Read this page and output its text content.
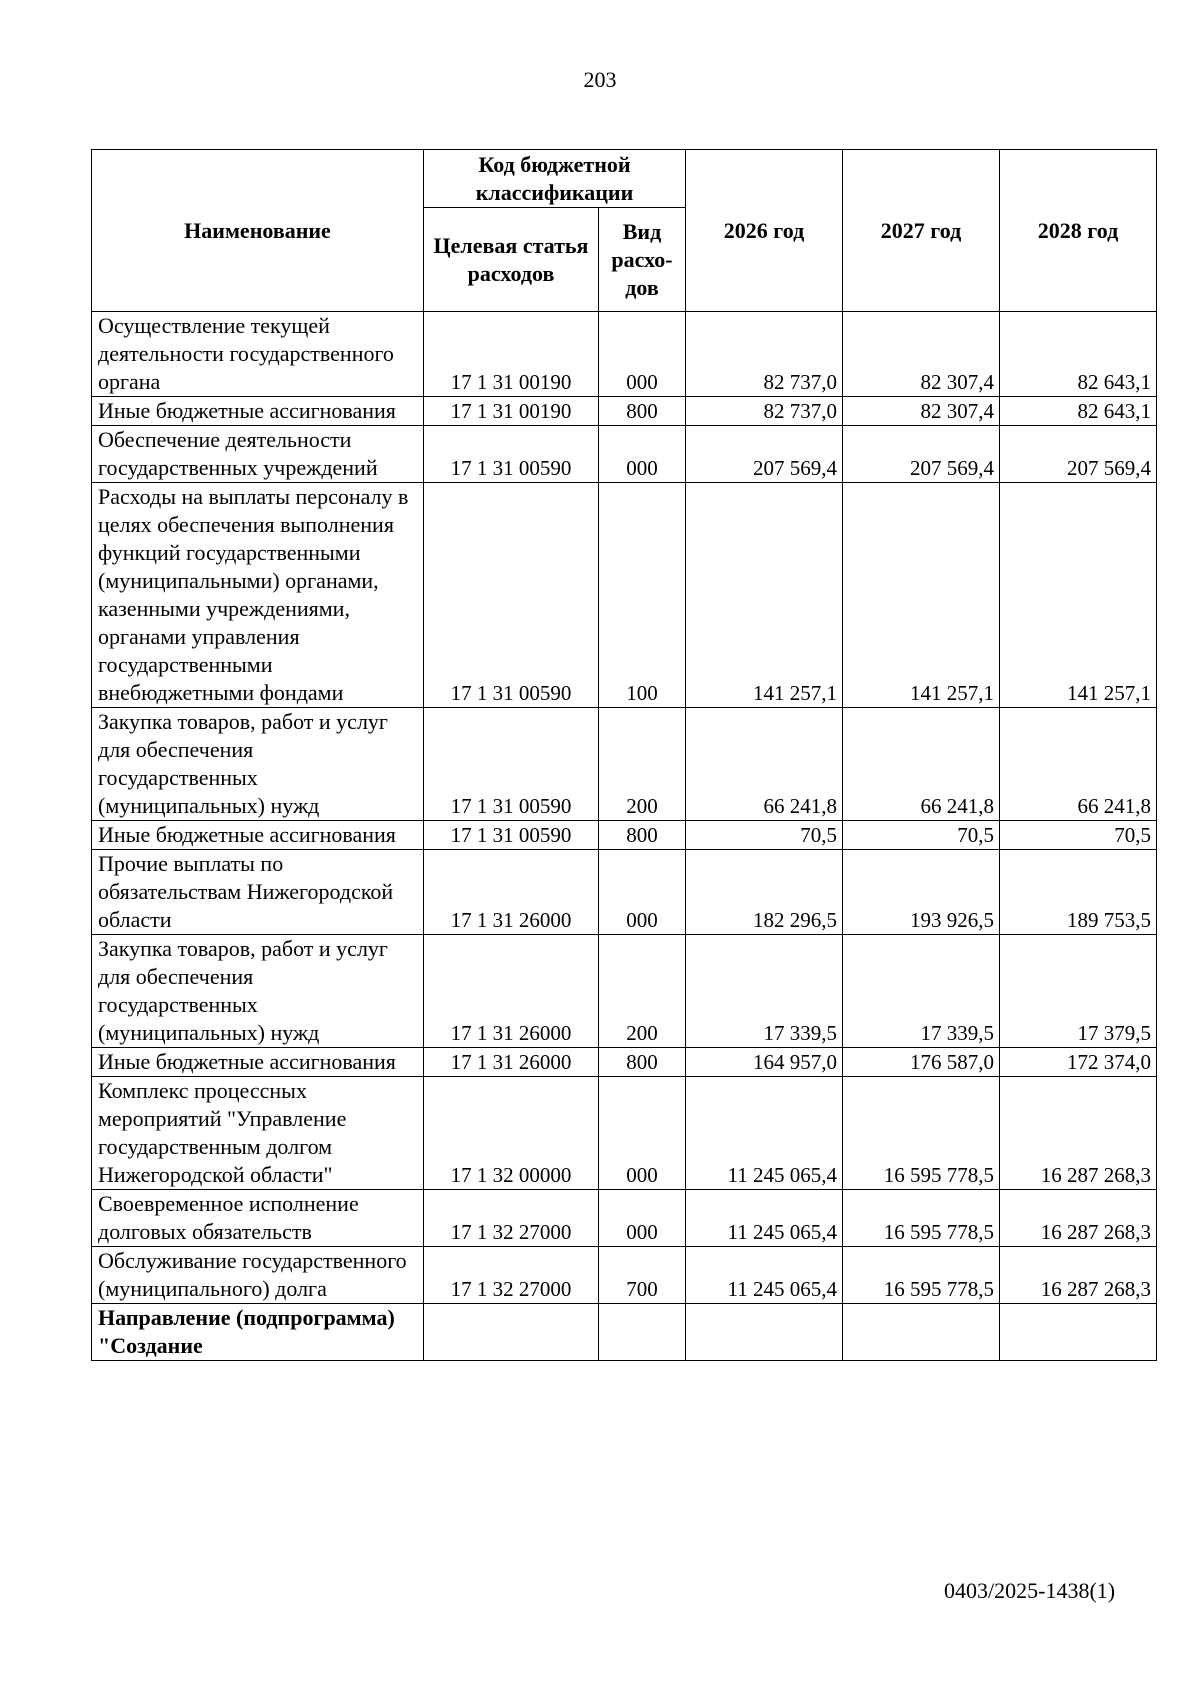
203
Наименование	Код бюджетной классификации		2026 год	2027 год	2028 год
	Целевая статья расходов	Вид расхо-дов			
Осуществление текущей деятельности государственного органа	17 1 31 00190	000	82 737,0	82 307,4	82 643,1
Иные бюджетные ассигнования	17 1 31 00190	800	82 737,0	82 307,4	82 643,1
Обеспечение деятельности государственных учреждений	17 1 31 00590	000	207 569,4	207 569,4	207 569,4
Расходы на выплаты персоналу в целях обеспечения выполнения функций государственными (муниципальными) органами, казенными учреждениями, органами управления государственными внебюджетными фондами	17 1 31 00590	100	141 257,1	141 257,1	141 257,1
Закупка товаров, работ и услуг для обеспечения государственных (муниципальных) нужд	17 1 31 00590	200	66 241,8	66 241,8	66 241,8
Иные бюджетные ассигнования	17 1 31 00590	800	70,5	70,5	70,5
Прочие выплаты по обязательствам Нижегородской области	17 1 31 26000	000	182 296,5	193 926,5	189 753,5
Закупка товаров, работ и услуг для обеспечения государственных (муниципальных) нужд	17 1 31 26000	200	17 339,5	17 339,5	17 379,5
Иные бюджетные ассигнования	17 1 31 26000	800	164 957,0	176 587,0	172 374,0
Комплекс процессных мероприятий "Управление государственным долгом Нижегородской области"	17 1 32 00000	000	11 245 065,4	16 595 778,5	16 287 268,3
Своевременное исполнение долговых обязательств	17 1 32 27000	000	11 245 065,4	16 595 778,5	16 287 268,3
Обслуживание государственного (муниципального) долга	17 1 32 27000	700	11 245 065,4	16 595 778,5	16 287 268,3
Направление (подпрограмма) "Создание					
0403/2025-1438(1)
